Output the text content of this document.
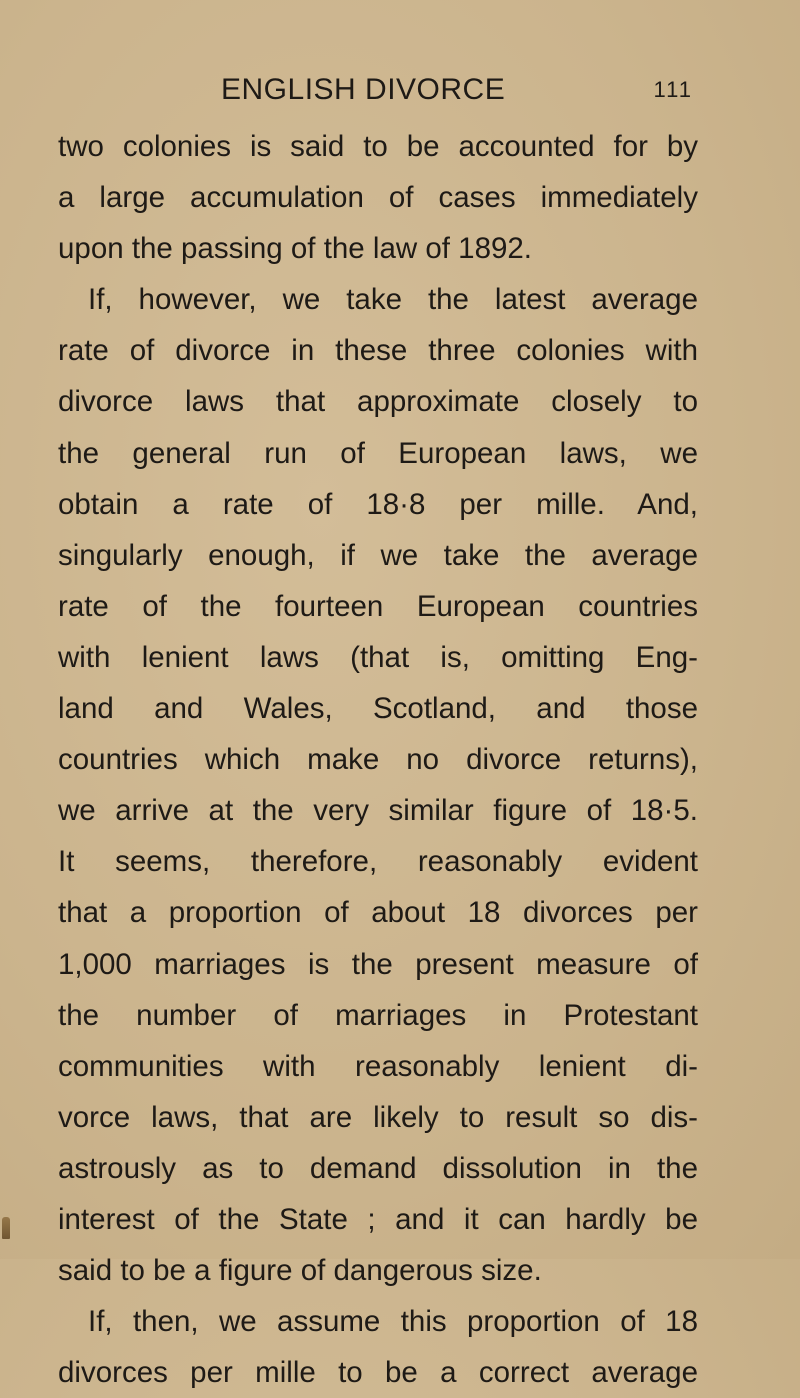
ENGLISH DIVORCE	111
two colonies is said to be accounted for by
a large accumulation of cases immediately
upon the passing of the law of 1892.
If, however, we take the latest average
rate of divorce in these three colonies with
divorce laws that approximate closely to
the general run of European laws, we
obtain a rate of 18·8 per mille. And,
singularly enough, if we take the average
rate of the fourteen European countries
with lenient laws (that is, omitting Eng-
land and Wales, Scotland, and those
countries which make no divorce returns),
we arrive at the very similar figure of 18·5.
It seems, therefore, reasonably evident
that a proportion of about 18 divorces per
1,000 marriages is the present measure of
the number of marriages in Protestant
communities with reasonably lenient di-
vorce laws, that are likely to result so dis-
astrously as to demand dissolution in the
interest of the State ; and it can hardly be
said to be a figure of dangerous size.
If, then, we assume this proportion of 18
divorces per mille to be a correct average
